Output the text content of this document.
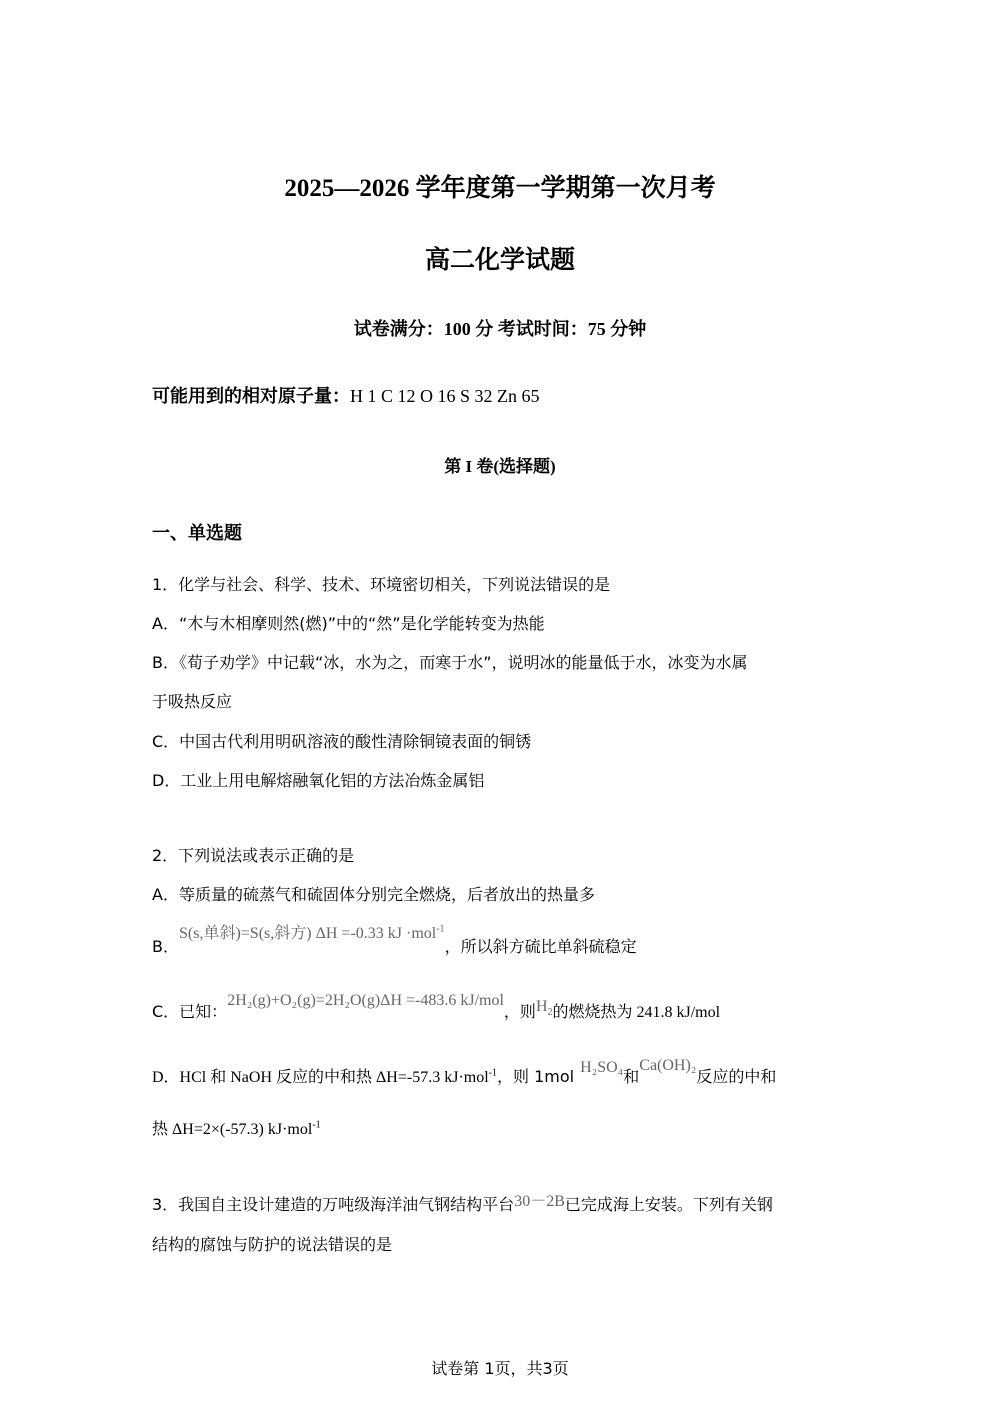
2025—2026 学年度第一学期第一次月考
高二化学试题
试卷满分：100 分 考试时间：75 分钟
可能用到的相对原子量：H 1 C 12 O 16 S 32 Zn 65
第 I 卷(选择题)
一、单选题
1．化学与社会、科学、技术、环境密切相关，下列说法错误的是
A．“木与木相摩则然(燃)”中的“然”是化学能转变为热能
B．《荀子劝学》中记载“冰，水为之，而寒于水”，说明冰的能量低于水，冰变为水属
于吸热反应
C．中国古代利用明矾溶液的酸性清除铜镜表面的铜锈
D．工业上用电解熔融氧化铝的方法冶炼金属铝
2．下列说法或表示正确的是
A．等质量的硫蒸气和硫固体分别完全燃烧，后者放出的热量多
B．S(s,单斜)=S(s,斜方) ΔH =-0.33 kJ ·mol$^{-1}$，所以斜方硫比单斜硫稳定
C．已知：2H₂(g)+O₂(g)=2H₂O(g)ΔH =-483.6 kJ/mol，则$H_2$的燃烧热为 241.8 kJ/mol
D．HCl 和 NaOH 反应的中和热 ΔH=-57.3 kJ·mol$^{-1}$，则 1mol H₂SO₄和Ca(OH)₂反应的中和
热 ΔH=2×(-57.3) kJ·mol$^{-1}$
3．我国自主设计建造的万吨级海洋油气钢结构平台30－2B已完成海上安装。下列有关钢
结构的腐蚀与防护的说法错误的是
试卷第 1页，共3页
